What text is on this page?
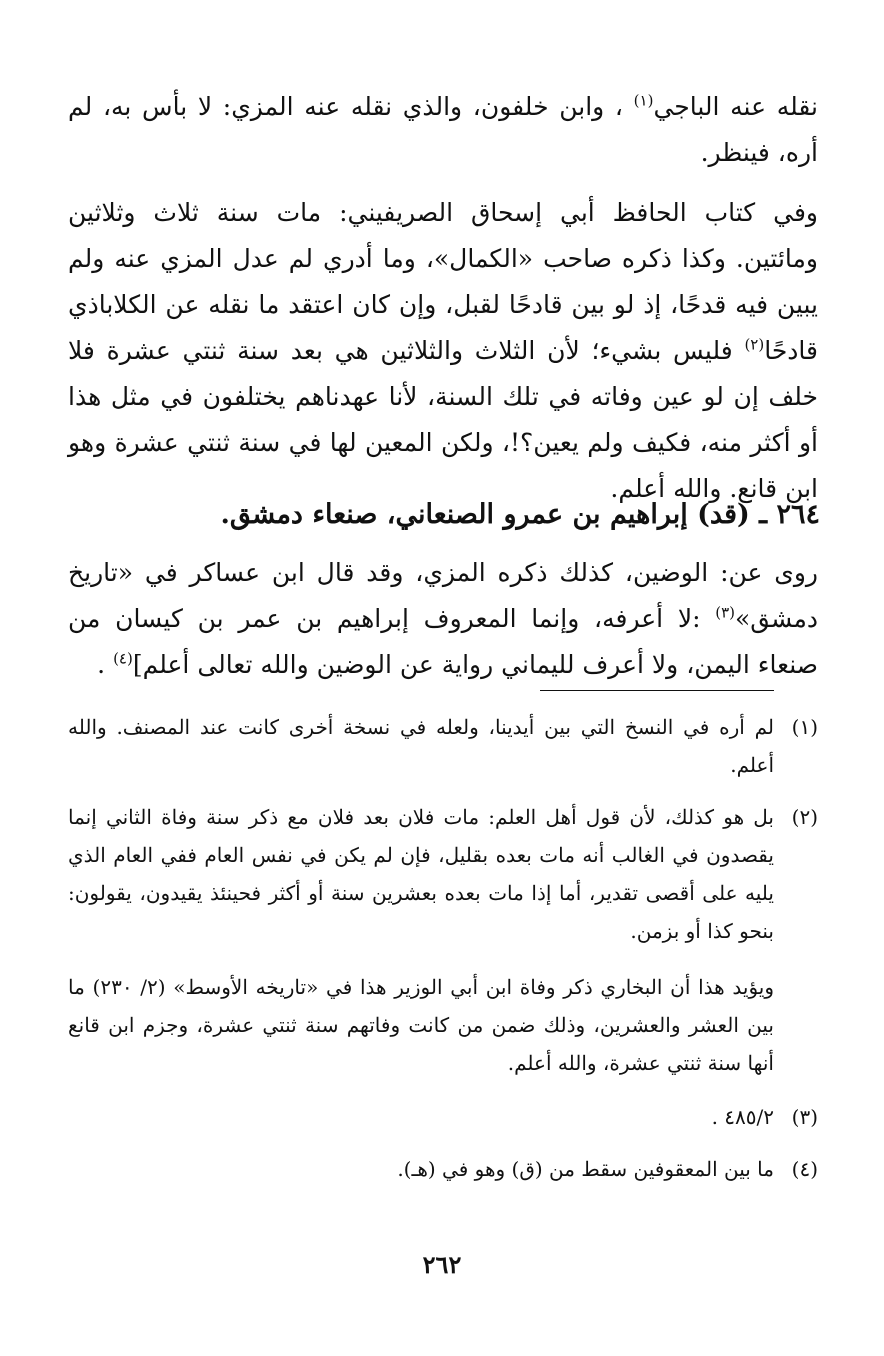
نقله عنه الباجي$^{(١)}$ ، وابن خلفون، والذي نقله عنه المزي: لا بأس به، لم أره، فينظر.

وفي كتاب الحافظ أبي إسحاق الصريفيني: مات سنة ثلاث وثلاثين ومائتين. وكذا ذكره صاحب «الكمال»، وما أدري لم عدل المزي عنه ولم يبين فيه قدحًا، إذ لو بين قادحًا لقبل، وإن كان اعتقد ما نقله عن الكلاباذي قادحًا$^{(٢)}$ فليس بشيء؛ لأن الثلاث والثلاثين هي بعد سنة ثنتي عشرة فلا خلف إن لو عين وفاته في تلك السنة، لأنا عهدناهم يختلفون في مثل هذا أو أكثر منه، فكيف ولم يعين؟!، ولكن المعين لها في سنة ثنتي عشرة وهو ابن قانع. والله أعلم.

٢٦٤ ـ (قد) إبراهيم بن عمرو الصنعاني، صنعاء دمشق.

روى عن: الوضين، كذلك ذكره المزي، وقد قال ابن عساكر في «تاريخ دمشق»$^{(٣)}$ :لا أعرفه، وإنما المعروف إبراهيم بن عمر بن كيسان من صنعاء اليمن، ولا أعرف لليماني رواية عن الوضين والله تعالى أعلم]$^{(٤)}$ .

(١)
لم أره في النسخ التي بين أيدينا، ولعله في نسخة أخرى كانت عند المصنف. والله أعلم.
(٢)
بل هو كذلك، لأن قول أهل العلم: مات فلان بعد فلان مع ذكر سنة وفاة الثاني إنما يقصدون في الغالب أنه مات بعده بقليل، فإن لم يكن في نفس العام ففي العام الذي يليه على أقصى تقدير، أما إذا مات بعده بعشرين سنة أو أكثر فحينئذ يقيدون، يقولون: بنحو كذا أو بزمن.

ويؤيد هذا أن البخاري ذكر وفاة ابن أبي الوزير هذا في «تاريخه الأوسط» (٢/ ٢٣٠) ما بين العشر والعشرين، وذلك ضمن من كانت وفاتهم سنة ثنتي عشرة، وجزم ابن قانع أنها سنة ثنتي عشرة، والله أعلم.

(٣)
٤٨٥/٢ .
(٤)
ما بين المعقوفين سقط من (ق) وهو في (هـ).
٢٦٢
